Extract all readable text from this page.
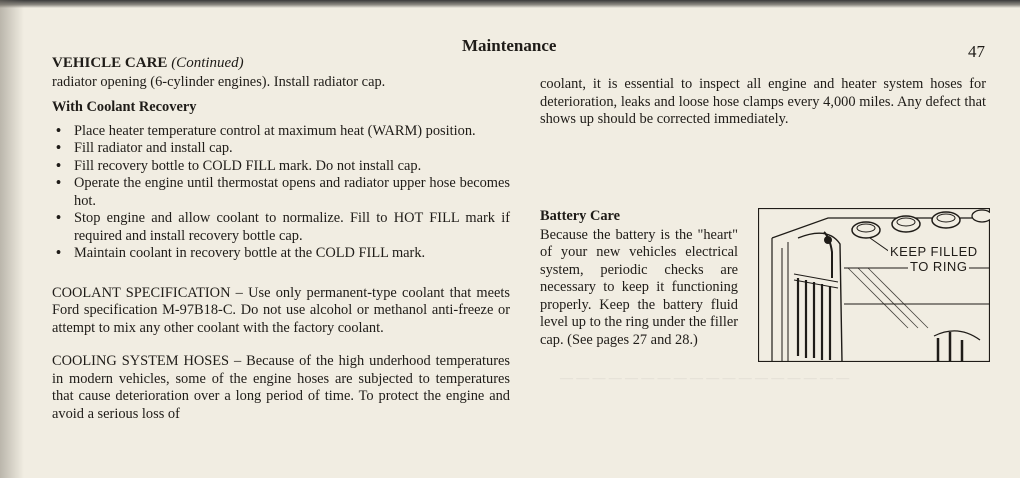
— — — — — — — — — — — — — — — — — —
Maintenance	47
VEHICLE CARE (Continued)

radiator opening (6-cylinder engines). Install radiator cap.

With Coolant Recovery
• Place heater temperature control at maximum heat (WARM) position.
• Fill radiator and install cap.
• Fill recovery bottle to COLD FILL mark. Do not install cap.
• Operate the engine until thermostat opens and radiator upper hose becomes hot.
• Stop engine and allow coolant to normalize. Fill to HOT FILL mark if required and install recovery bottle cap.
• Maintain coolant in recovery bottle at the COLD FILL mark.

COOLANT SPECIFICATION – Use only permanent-type coolant that meets Ford specification M-97B18-C. Do not use alcohol or methanol anti-freeze or attempt to mix any other coolant with the factory coolant.

COOLING SYSTEM HOSES – Because of the high underhood temperatures in modern vehicles, some of the engine hoses are subjected to temperatures that cause deterioration over a long period of time. To protect the engine and avoid a serious loss of

coolant, it is essential to inspect all engine and heater system hoses for deterioration, leaks and loose hose clamps every 4,000 miles. Any defect that shows up should be corrected immediately.

Battery Care
Because the battery is the "heart" of your new vehicles electrical system, periodic checks are necessary to keep it functioning properly. Keep the battery fluid level up to the ring under the filler cap. (See pages 27 and 28.)
KEEP FILLED
TO RING
